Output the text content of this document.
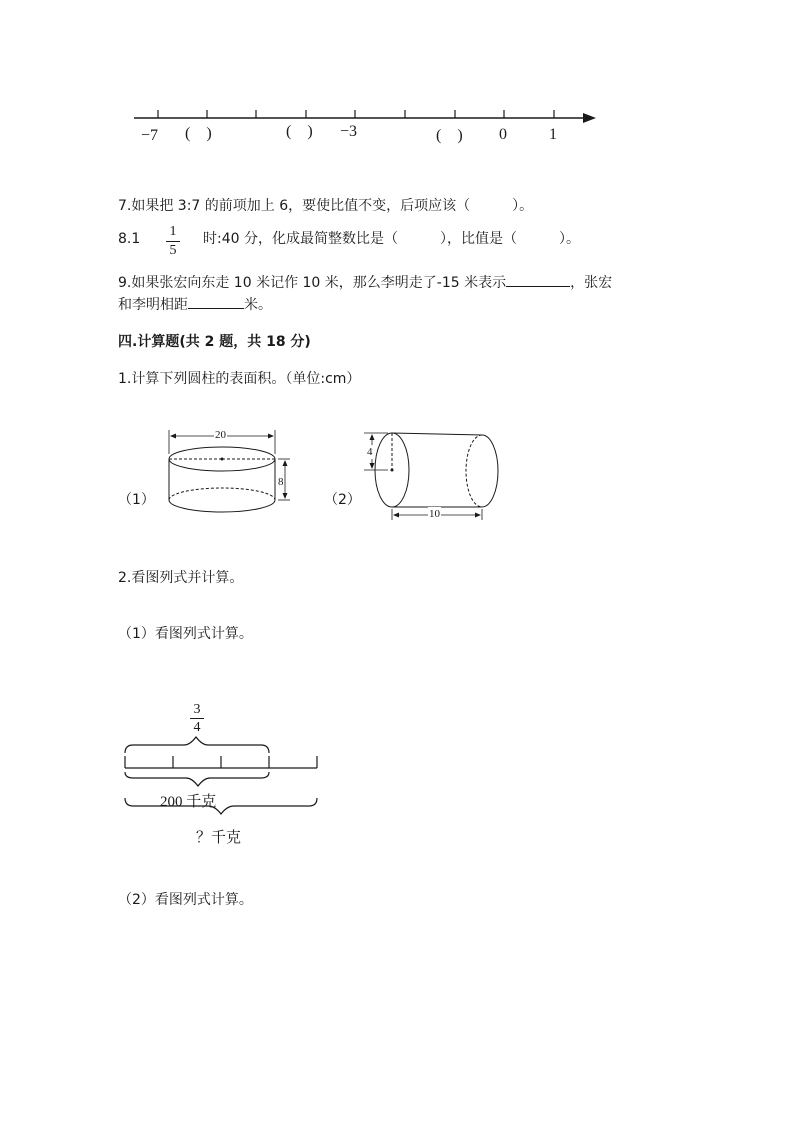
−7 (　)	(　) −3	(　) 0	1
7.如果把 3:7 的前项加上 6，要使比值不变，后项应该（　　　）。
8.1	1
5
时:40 分，化成最简整数比是（　　　），比值是（　　　）。
9.如果张宏向东走 10 米记作 10 米，那么李明走了-15 米表示	，张宏
和李明相距	米。
四.计算题(共 2 题，共 18 分)
1.计算下列圆柱的表面积。（单位:cm）
（1）
20
8
（2）
4
10
2.看图列式并计算。
（1）看图列式计算。
3
4
200 千克
？千克
（2）看图列式计算。
